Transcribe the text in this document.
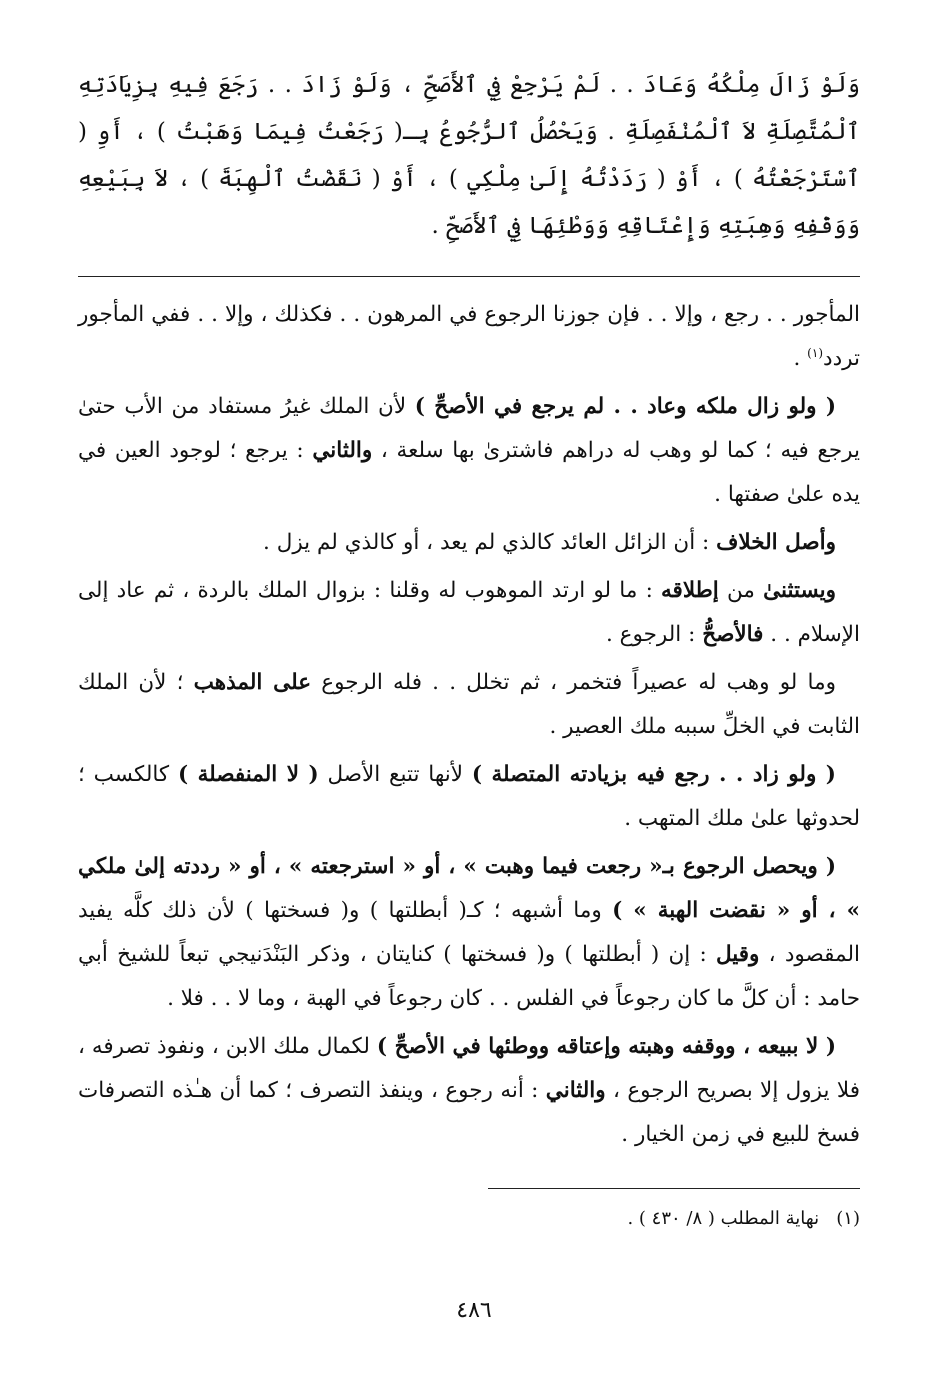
وَلَوْ زَالَ مِلْكُهُ وَعَادَ . . لَمْ يَرْجِعْ فِي ٱلأَصَحِّ ، وَلَوْ زَادَ . . رَجَعَ فِيهِ بِزِيَادَتِهِ ٱلْمُتَّصِلَةِ لاَ ٱلْمُنْفَصِلَةِ . وَيَحْصُلُ ٱلرُّجُوعُ بِـ( رَجَعْتُ فِيمَا وَهَبْتُ ) ، أَوِ ( ٱسْتَرْجَعْتُهُ ) ، أَوْ ( رَدَدْتُهُ إِلَىٰ مِلْكِي ) ، أَوْ ( نَقَضْتُ ٱلْهِبَةَ ) ، لاَ بِبَيْعِهِ وَوَقْفِهِ وَهِبَتِهِ وَإِعْتَاقِهِ وَوَطْئِهَا فِي ٱلأَصَحِّ .

المأجور . . رجع ، وإلا . . فإن جوزنا الرجوع في المرهون . . فكذلك ، وإلا . . ففي المأجور تردد$^{(١)}$ .

( ولو زال ملكه وعاد . . لم يرجع في الأصحِّ ) لأن الملك غيرُ مستفاد من الأب حتىٰ يرجع فيه ؛ كما لو وهب له دراهم فاشترىٰ بها سلعة ، والثاني : يرجع ؛ لوجود العين في يده علىٰ صفتها .

وأصل الخلاف : أن الزائل العائد كالذي لم يعد ، أو كالذي لم يزل .

ويستثنىٰ من إطلاقه : ما لو ارتد الموهوب له وقلنا : بزوال الملك بالردة ، ثم عاد إلى الإسلام . . فالأصحُّ : الرجوع .

وما لو وهب له عصيراً فتخمر ، ثم تخلل . . فله الرجوع على المذهب ؛ لأن الملك الثابت في الخلِّ سببه ملك العصير .

( ولو زاد . . رجع فيه بزيادته المتصلة ) لأنها تتبع الأصل ( لا المنفصلة ) كالكسب ؛ لحدوثها علىٰ ملك المتهب .

( ويحصل الرجوع بـ« رجعت فيما وهبت » ، أو « استرجعته » ، أو « رددته إلىٰ ملكي » ، أو « نقضت الهبة » ) وما أشبهه ؛ كـ( أبطلتها ) و( فسختها ) لأن ذلك كلَّه يفيد المقصود ، وقيل : إن ( أبطلتها ) و( فسختها ) كنايتان ، وذكر البَنْدَنيجي تبعاً للشيخ أبي حامد : أن كلَّ ما كان رجوعاً في الفلس . . كان رجوعاً في الهبة ، وما لا . . فلا .

( لا ببيعه ، ووقفه وهبته وإعتاقه ووطئها في الأصحِّ ) لكمال ملك الابن ، ونفوذ تصرفه ، فلا يزول إلا بصريح الرجوع ، والثاني : أنه رجوع ، وينفذ التصرف ؛ كما أن هـٰذه التصرفات فسخ للبيع في زمن الخيار .

(١)   نهاية المطلب ( ٨/ ٤٣٠ ) .
٤٨٦
